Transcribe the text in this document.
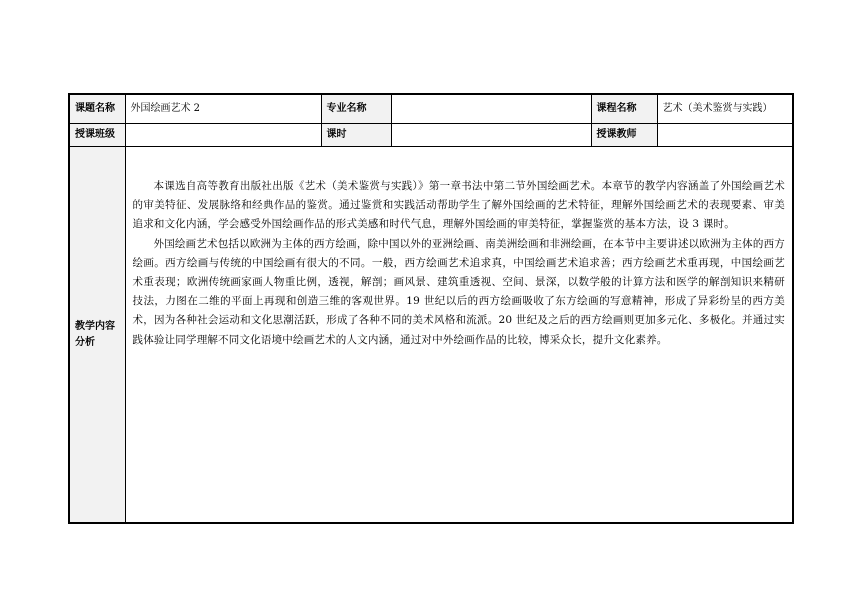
课题名称	外国绘画艺术 2	专业名称		课程名称	艺术（美术鉴赏与实践）
授课班级		课时		授课教师	
教学内容分析	本课选自高等教育出版社出版《艺术（美术鉴赏与实践）》第一章书法中第二节外国绘画艺术。本章节的教学内容涵盖了外国绘画艺术的审美特征、发展脉络和经典作品的鉴赏。通过鉴赏和实践活动帮助学生了解外国绘画的艺术特征，理解外国绘画艺术的表现要素、审美追求和文化内涵，学会感受外国绘画作品的形式美感和时代气息，理解外国绘画的审美特征，掌握鉴赏的基本方法，设 3 课时。

外国绘画艺术包括以欧洲为主体的西方绘画，除中国以外的亚洲绘画、南美洲绘画和非洲绘画，在本节中主要讲述以欧洲为主体的西方绘画。西方绘画与传统的中国绘画有很大的不同。一般，西方绘画艺术追求真，中国绘画艺术追求善；西方绘画艺术重再现，中国绘画艺术重表现；欧洲传统画家画人物重比例，透视，解剖；画风景、建筑重透视、空间、景深，以数学般的计算方法和医学的解剖知识来精研技法，力图在二维的平面上再现和创造三维的客观世界。19 世纪以后的西方绘画吸收了东方绘画的写意精神，形成了异彩纷呈的西方美术，因为各种社会运动和文化思潮活跃，形成了各种不同的美术风格和流派。20 世纪及之后的西方绘画则更加多元化、多极化。并通过实践体验让同学理解不同文化语境中绘画艺术的人文内涵，通过对中外绘画作品的比较，博采众长，提升文化素养。				
